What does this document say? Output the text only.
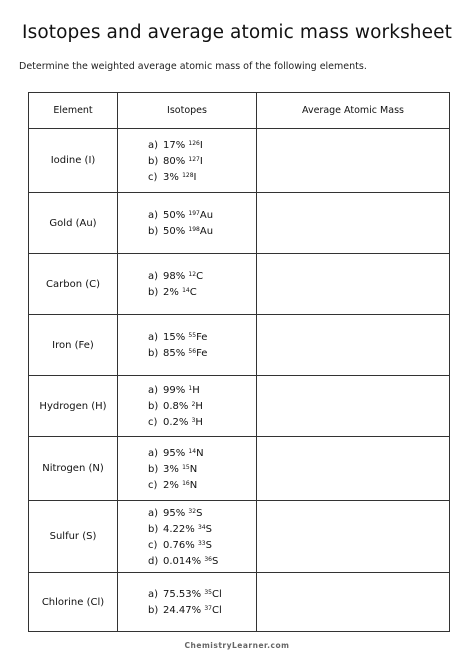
Isotopes and average atomic mass worksheet

Determine the weighted average atomic mass of the following elements.

Element	Isotopes	Average Atomic Mass
Iodine (I)	a) 17% $^{126}$I
b) 80% $^{127}$I
c) 3% $^{128}$I	

Gold (Au)	a) 50% $^{197}$Au
b) 50% $^{198}$Au	

Carbon (C)	a) 98% $^{12}$C
b) 2% $^{14}$C	

Iron (Fe)	a) 15% $^{55}$Fe
b) 85% $^{56}$Fe	

Hydrogen (H)	a) 99% $^1$H
b) 0.8% $^2$H
c) 0.2% $^3$H	

Nitrogen (N)	a) 95% $^{14}$N
b) 3% $^{15}$N
c) 2% $^{16}$N	

Sulfur (S)	a) 95% $^{32}$S
b) 4.22% $^{34}$S
c) 0.76% $^{33}$S
d) 0.014% $^{36}$S	

Chlorine (Cl)	a) 75.53% $^{35}$Cl
b) 24.47% $^{37}$Cl	

ChemistryLearner.com
